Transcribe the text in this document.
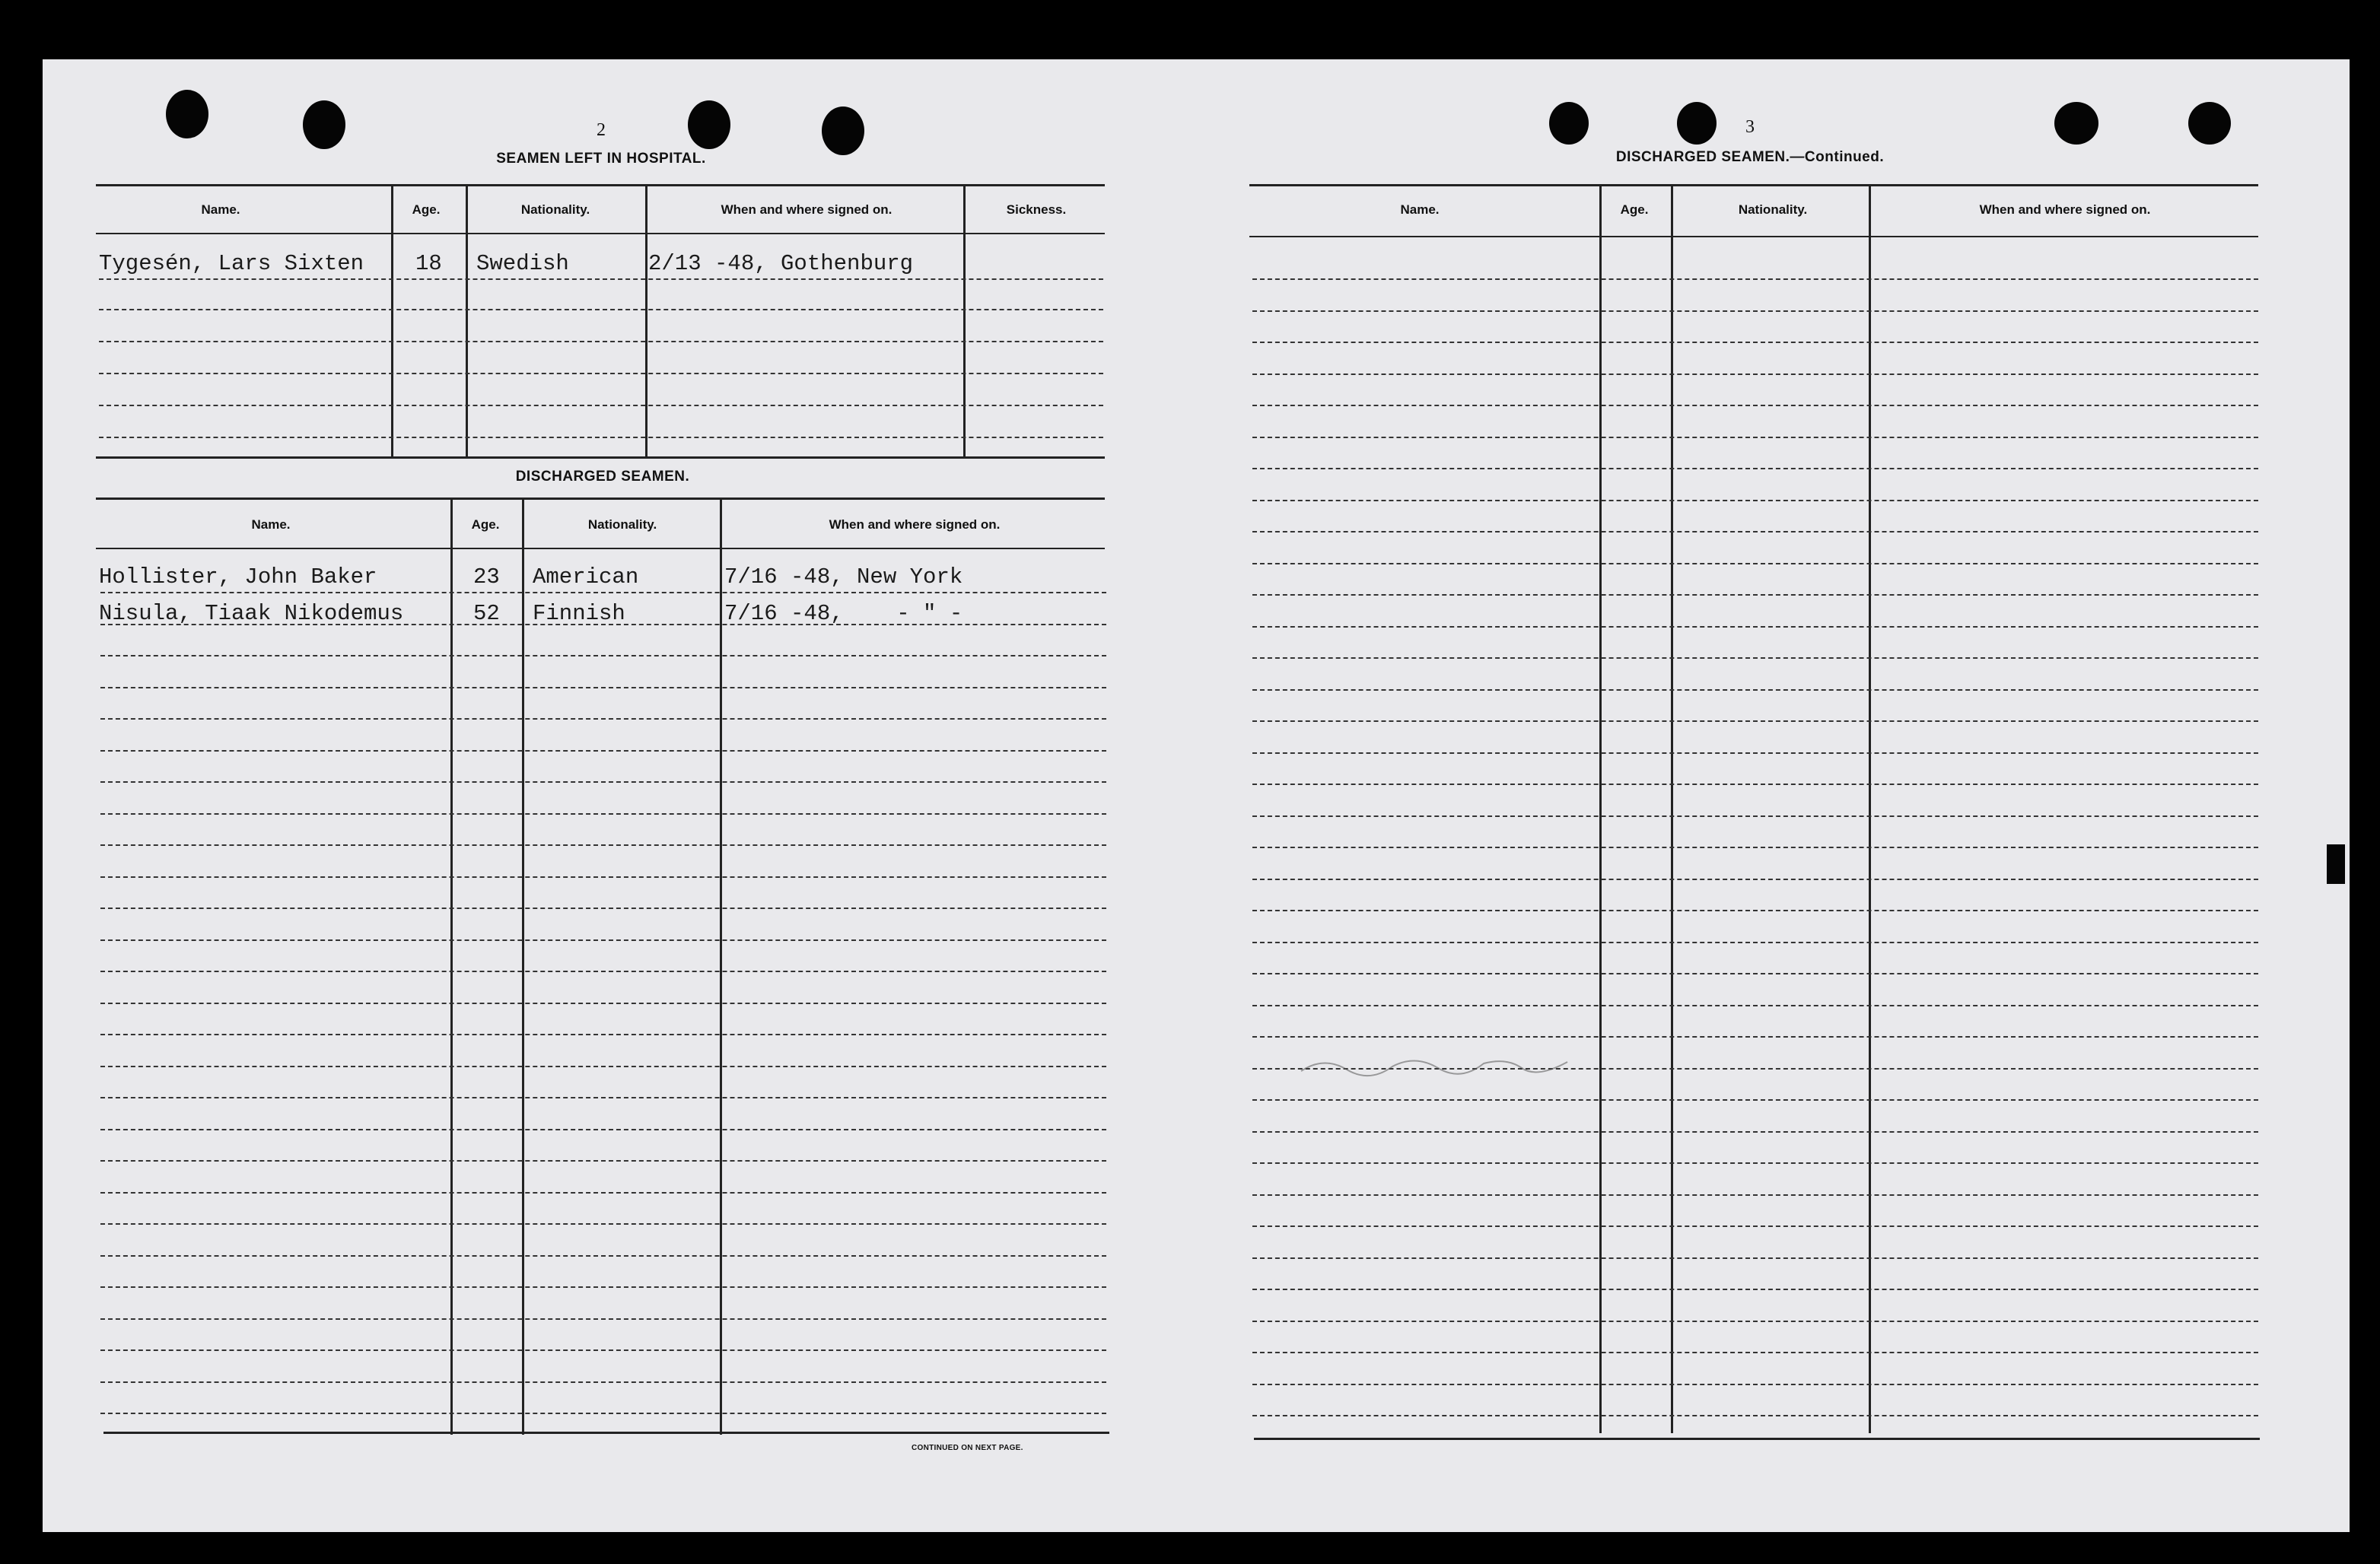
2
SEAMEN LEFT IN HOSPITAL.
Name.	Age.	Nationality.	When and where signed on.	Sickness.
Tygesén, Lars Sixten 18 Swedish	2/13 -48, Gothenburg
DISCHARGED SEAMEN.
Name.	Age.	Nationality.	When and where signed on.
Hollister, John Baker	23 American	7/16 -48, New York
Nisula, Tiaak Nikodemus	52 Finnish	7/16 -48,    - " -
CONTINUED ON NEXT PAGE.
3
DISCHARGED SEAMEN.—Continued.
Name.	Age.	Nationality.	When and where signed on.
